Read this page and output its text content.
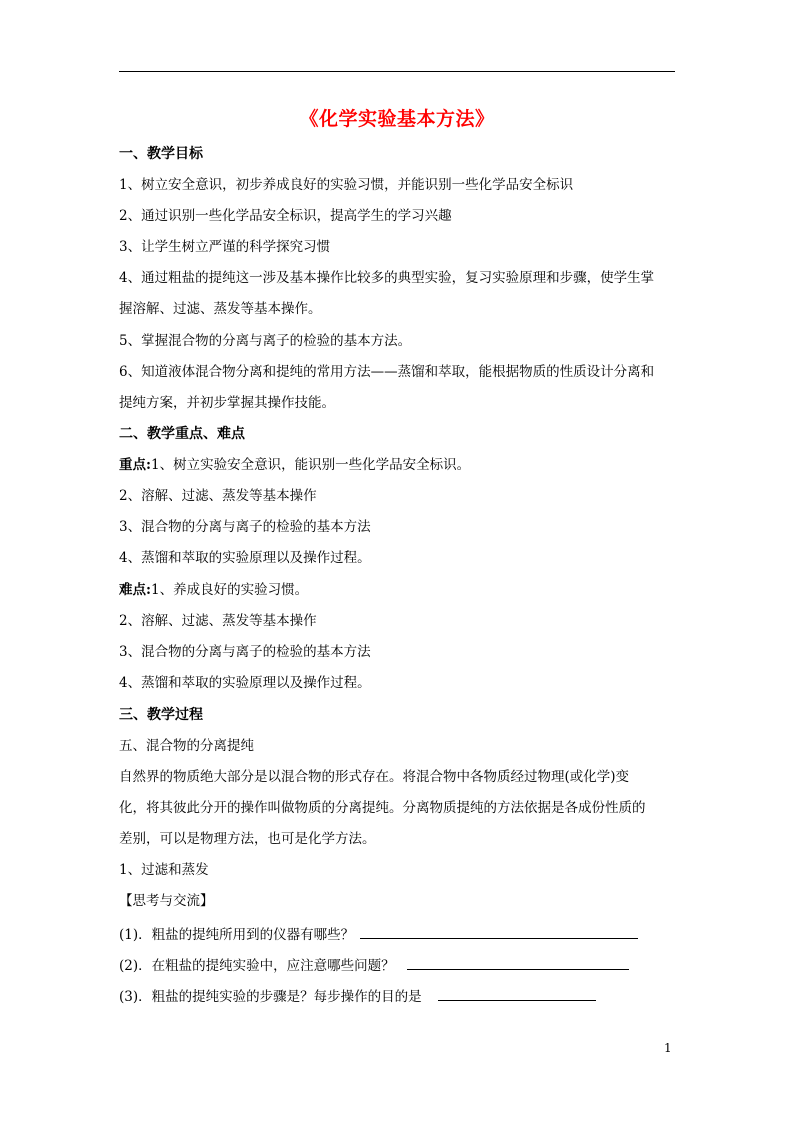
《化学实验基本方法》

一、教学目标

1、树立安全意识，初步养成良好的实验习惯，并能识别一些化学品安全标识

2、通过识别一些化学品安全标识，提高学生的学习兴趣

3、让学生树立严谨的科学探究习惯

4、通过粗盐的提纯这一涉及基本操作比较多的典型实验，复习实验原理和步骤，使学生掌

握溶解、过滤、蒸发等基本操作。

5、掌握混合物的分离与离子的检验的基本方法。

6、知道液体混合物分离和提纯的常用方法——蒸馏和萃取，能根据物质的性质设计分离和

提纯方案，并初步掌握其操作技能。

二、教学重点、难点

重点:1、树立实验安全意识，能识别一些化学品安全标识。

2、溶解、过滤、蒸发等基本操作

3、混合物的分离与离子的检验的基本方法

4、蒸馏和萃取的实验原理以及操作过程。

难点:1、养成良好的实验习惯。

2、溶解、过滤、蒸发等基本操作

3、混合物的分离与离子的检验的基本方法

4、蒸馏和萃取的实验原理以及操作过程。

三、教学过程

五、混合物的分离提纯

自然界的物质绝大部分是以混合物的形式存在。将混合物中各物质经过物理(或化学)变

化，将其彼此分开的操作叫做物质的分离提纯。分离物质提纯的方法依据是各成份性质的

差别，可以是物理方法，也可是化学方法。

1、过滤和蒸发

【思考与交流】

(1)．粗盐的提纯所用到的仪器有哪些？

(2)．在粗盐的提纯实验中，应注意哪些问题？

(3)．粗盐的提纯实验的步骤是？每步操作的目的是

1
